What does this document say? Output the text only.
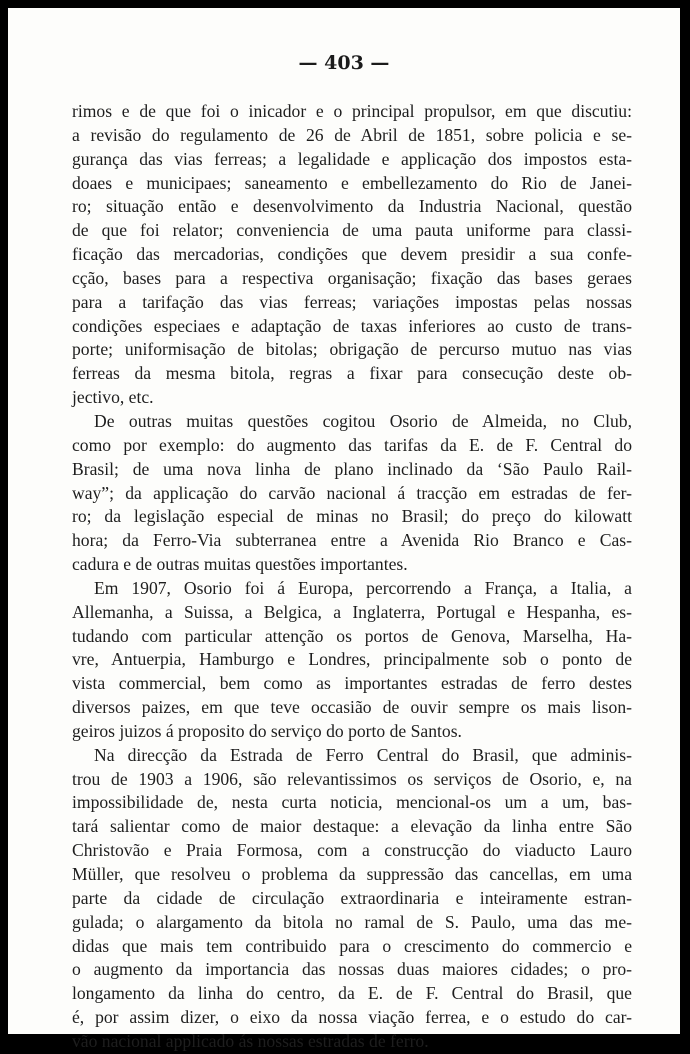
— 403 —
rimos e de que foi o inicador e o principal propulsor, em que discutiu:
a revisão do regulamento de 26 de Abril de 1851, sobre policia e se-
gurança das vias ferreas; a legalidade e applicação dos impostos esta-
doaes e municipaes; saneamento e embellezamento do Rio de Janei-
ro; situação então e desenvolvimento da Industria Nacional, questão
de que foi relator; conveniencia de uma pauta uniforme para classi-
ficação das mercadorias, condições que devem presidir a sua confe-
cção, bases para a respectiva organisação; fixação das bases geraes
para a tarifação das vias ferreas; variações impostas pelas nossas
condições especiaes e adaptação de taxas inferiores ao custo de trans-
porte; uniformisação de bitolas; obrigação de percurso mutuo nas vias
ferreas da mesma bitola, regras a fixar para consecução deste ob-
jectivo, etc.
De outras muitas questões cogitou Osorio de Almeida, no Club,
como por exemplo: do augmento das tarifas da E. de F. Central do
Brasil; de uma nova linha de plano inclinado da ‘São Paulo Rail-
way”; da applicação do carvão nacional á tracção em estradas de fer-
ro; da legislação especial de minas no Brasil; do preço do kilowatt
hora; da Ferro-Via subterranea entre a Avenida Rio Branco e Cas-
cadura e de outras muitas questões importantes.
Em 1907, Osorio foi á Europa, percorrendo a França, a Italia, a
Allemanha, a Suissa, a Belgica, a Inglaterra, Portugal e Hespanha, es-
tudando com particular attenção os portos de Genova, Marselha, Ha-
vre, Antuerpia, Hamburgo e Londres, principalmente sob o ponto de
vista commercial, bem como as importantes estradas de ferro destes
diversos paizes, em que teve occasião de ouvir sempre os mais lison-
geiros juizos á proposito do serviço do porto de Santos.
Na direcção da Estrada de Ferro Central do Brasil, que adminis-
trou de 1903 a 1906, são relevantissimos os serviços de Osorio, e, na
impossibilidade de, nesta curta noticia, mencional-os um a um, bas-
tará salientar como de maior destaque: a elevação da linha entre São
Christovão e Praia Formosa, com a construcção do viaducto Lauro
Müller, que resolveu o problema da suppressão das cancellas, em uma
parte da cidade de circulação extraordinaria e inteiramente estran-
gulada; o alargamento da bitola no ramal de S. Paulo, uma das me-
didas que mais tem contribuido para o crescimento do commercio e
o augmento da importancia das nossas duas maiores cidades; o pro-
longamento da linha do centro, da E. de F. Central do Brasil, que
é, por assim dizer, o eixo da nossa viação ferrea, e o estudo do car-
vão nacional applicado ás nossas estradas de ferro.
